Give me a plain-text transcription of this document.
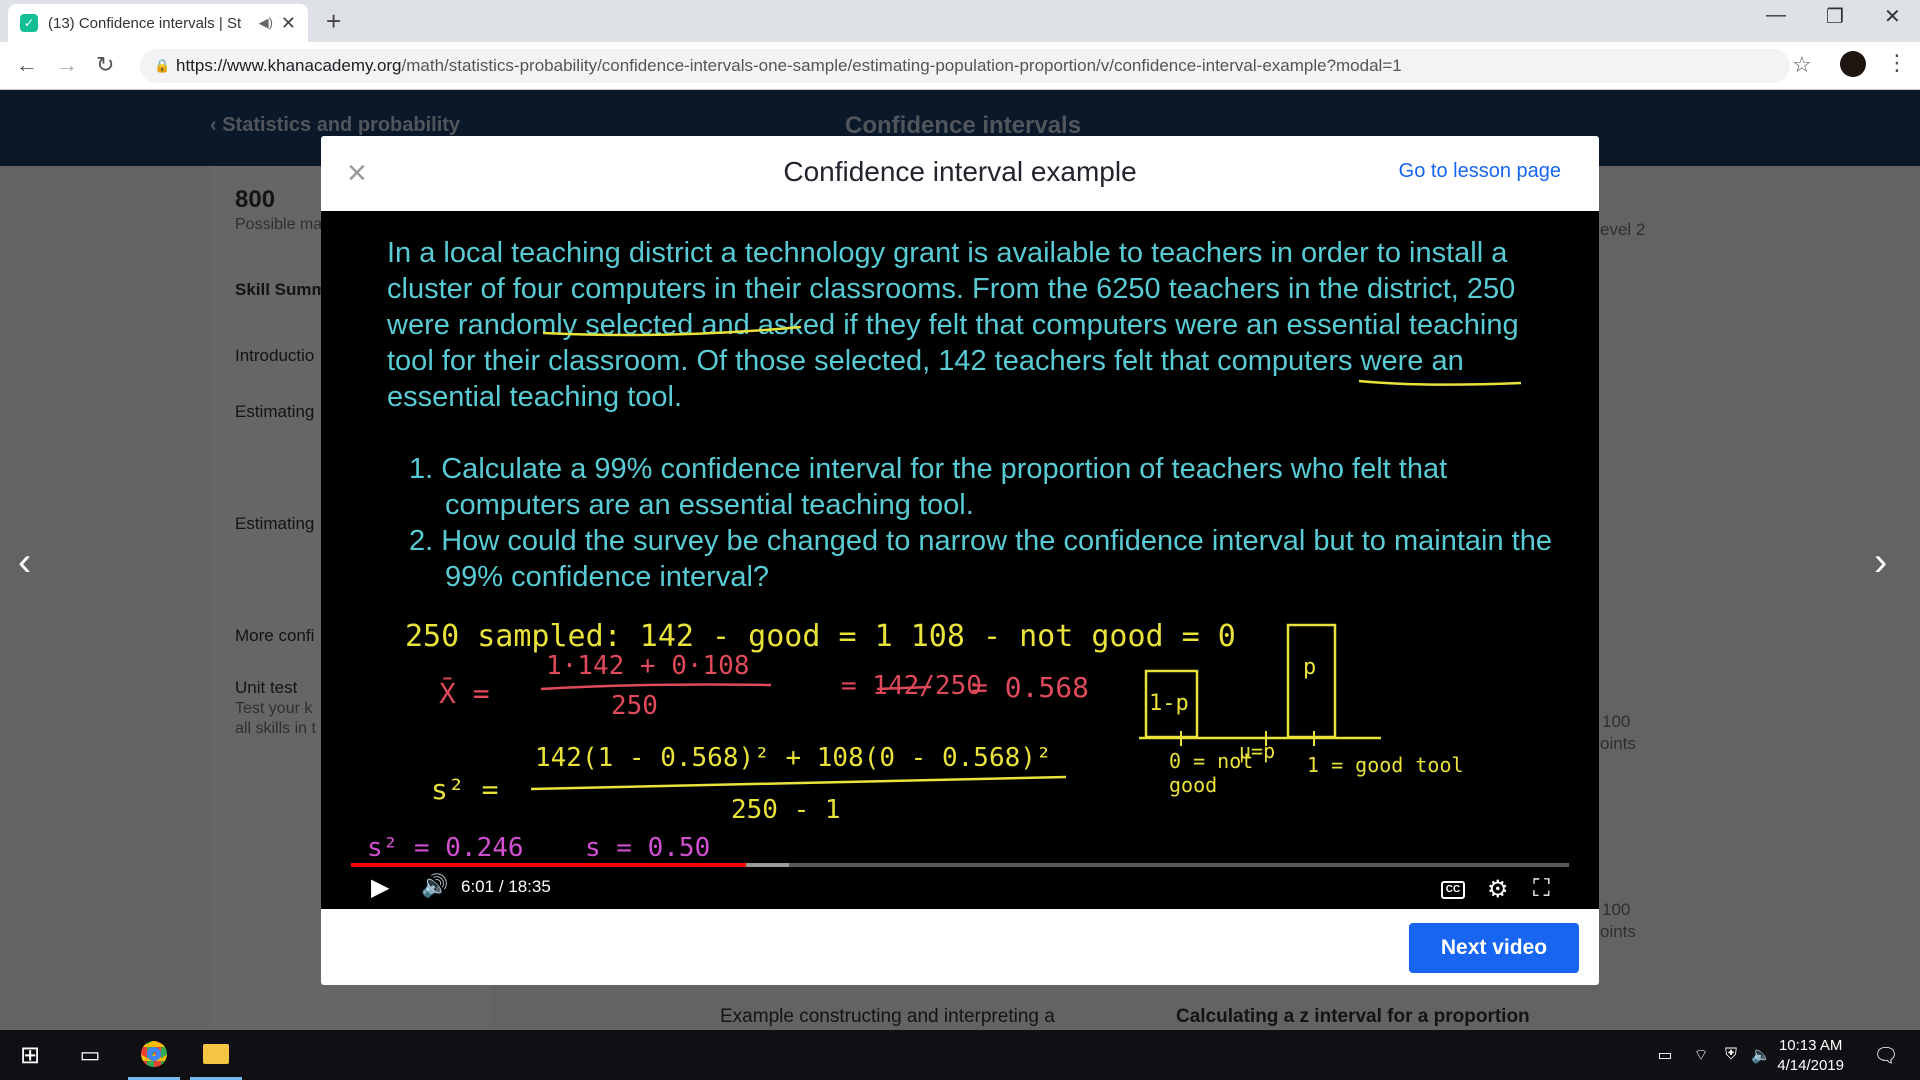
✓ (13) Confidence intervals | St	◀) ✕ +	— ❐ ✕
← → ↻	🔒 https://www.khanacademy.org /math/statistics-probability/confidence-intervals-one-sample/estimating-population-proportion/v/confidence-interval-example?modal=1	☆	⋮
‹	›
×	Confidence interval example	Go to lesson page
In a local teaching district a technology grant is available to teachers in order to install a cluster of four computers in their classrooms. From the 6250 teachers in the district, 250 were randomly selected and asked if they felt that computers were an essential teaching tool for their classroom. Of those selected, 142 teachers felt that computers were an essential teaching tool.
1. Calculate a 99% confidence interval for the proportion of teachers who felt that computers are an essential teaching tool.
2. How could the survey be changed to narrow the confidence interval but to maintain the 99% confidence interval?
250 sampled: 142 - good = 1 108 - not good = 0
X̄ =
1·142 + 0·108
250
= 142/250
= 0.568
s² =
142(1 - 0.568)² + 108(0 - 0.568)²
250 - 1
s² = 0.246 s = 0.50
1-p
p
0 = not good
μ=p
1 = good tool
▶ 🔊 6:01 / 18:35	CC ⚙ ⛶
Next video
⊞	▭	▭	⌔	⛨ 🔈
10:13 AM
4/14/2019	🗨
